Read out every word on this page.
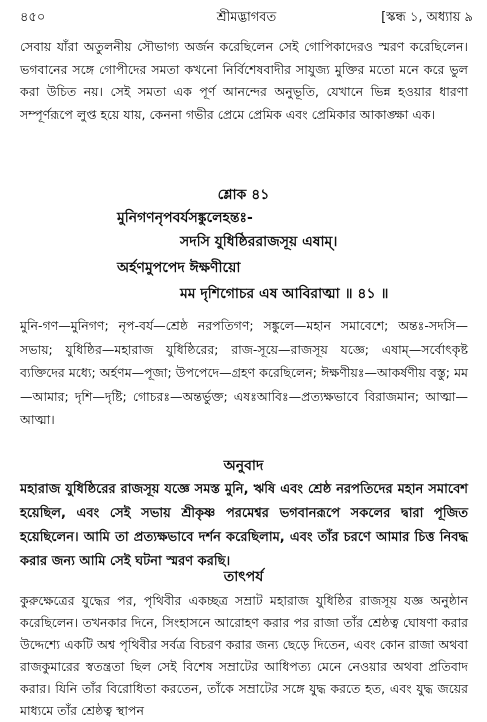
৪৫০	শ্রীমদ্ভাগবত	[স্কন্ধ ১, অধ্যায় ৯

সেবায় যাঁরা অতুলনীয় সৌভাগ্য অর্জন করেছিলেন সেই গোপিকাদেরও স্মরণ করেছিলেন। ভগবানের সঙ্গে গোপীদের সমতা কখনো নির্বিশেষবাদীর সাযুজ্য মুক্তির মতো মনে করে ভুল করা উচিত নয়। সেই সমতা এক পূর্ণ আনন্দের অনুভূতি, যেখানে ভিন্ন হওয়ার ধারণা সম্পূর্ণরূপে লুপ্ত হয়ে যায়, কেননা গভীর প্রেমে প্রেমিক এবং প্রেমিকার আকাঙ্ক্ষা এক।

শ্লোক ৪১
মুনিগণনৃপবর্যসঙ্কুলেহন্তঃ-
সদসি যুধিষ্ঠিররাজসূয় এষাম্।
অর্হণমুপপেদ ঈক্ষণীয়ো
মম দৃশিগোচর এষ আবিরাত্মা ॥ ৪১ ॥

মুনি-গণ—মুনিগণ; নৃপ-বর্য—শ্রেষ্ঠ নরপতিগণ; সঙ্কুলে—মহান সমাবেশে; অন্তঃ-সদসি—সভায়; যুধিষ্ঠির—মহারাজ যুধিষ্ঠিরের; রাজ-সূয়ে—রাজসূয় যজ্ঞে; এষাম্—সর্বোৎকৃষ্ট ব্যক্তিদের মধ্যে; অর্হণম—পূজা; উপপেদে—গ্রহণ করেছিলেন; ঈক্ষণীয়ঃ—আকর্ষণীয় বস্তু; মম—আমার; দৃশি—দৃষ্টি; গোচরঃ—অন্তর্ভুক্ত; এষঃআবিঃ—প্রত্যক্ষভাবে বিরাজমান; আত্মা—আত্মা।

অনুবাদ

মহারাজ যুধিষ্ঠিরের রাজসূয় যজ্ঞে সমস্ত মুনি, ঋষি এবং শ্রেষ্ঠ নরপতিদের মহান সমাবেশ হয়েছিল, এবং সেই সভায় শ্রীকৃষ্ণ পরমেশ্বর ভগবানরূপে সকলের দ্বারা পূজিত হয়েছিলেন। আমি তা প্রত্যক্ষভাবে দর্শন করেছিলাম, এবং তাঁর চরণে আমার চিত্ত নিবদ্ধ করার জন্য আমি সেই ঘটনা স্মরণ করছি।

তাৎপর্য

কুরুক্ষেত্রের যুদ্ধের পর, পৃথিবীর একচ্ছত্র সম্রাট মহারাজ যুধিষ্ঠির রাজসূয় যজ্ঞ অনুষ্ঠান করেছিলেন। তখনকার দিনে, সিংহাসনে আরোহণ করার পর রাজা তাঁর শ্রেষ্ঠত্ব ঘোষণা করার উদ্দেশ্যে একটি অশ্ব পৃথিবীর সর্বত্র বিচরণ করার জন্য ছেড়ে দিতেন, এবং কোন রাজা অথবা রাজকুমারের স্বতন্ত্রতা ছিল সেই বিশেষ সম্রাটের আধিপত্য মেনে নেওয়ার অথবা প্রতিবাদ করার। যিনি তাঁর বিরোধিতা করতেন, তাঁকে সম্রাটের সঙ্গে যুদ্ধ করতে হত, এবং যুদ্ধ জয়ের মাধ্যমে তাঁর শ্রেষ্ঠত্ব স্থাপন
